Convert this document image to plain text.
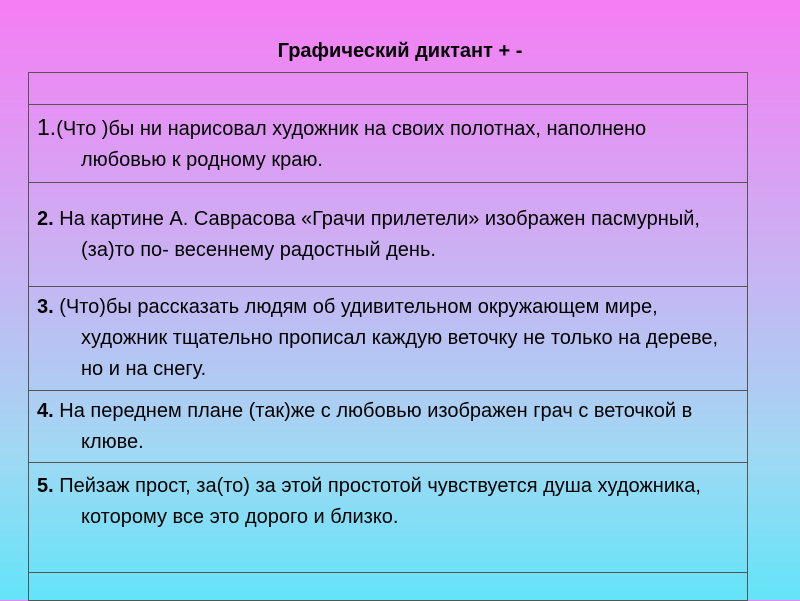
Графический диктант + -

1.(Что )бы ни нарисовал художник на своих полотнах, наполнено любовью к родному краю.
2. На картине А. Саврасова «Грачи прилетели» изображен пасмурный, (за)то по- весеннему радостный день.
3. (Что)бы рассказать людям об удивительном окружающем мире, художник тщательно прописал каждую веточку не только на дереве, но и на снегу.
4. На переднем плане (так)же с любовью изображен грач с веточкой в клюве.
5. Пейзаж прост, за(то) за этой простотой чувствуется душа художника, которому все это дорого и близко.
